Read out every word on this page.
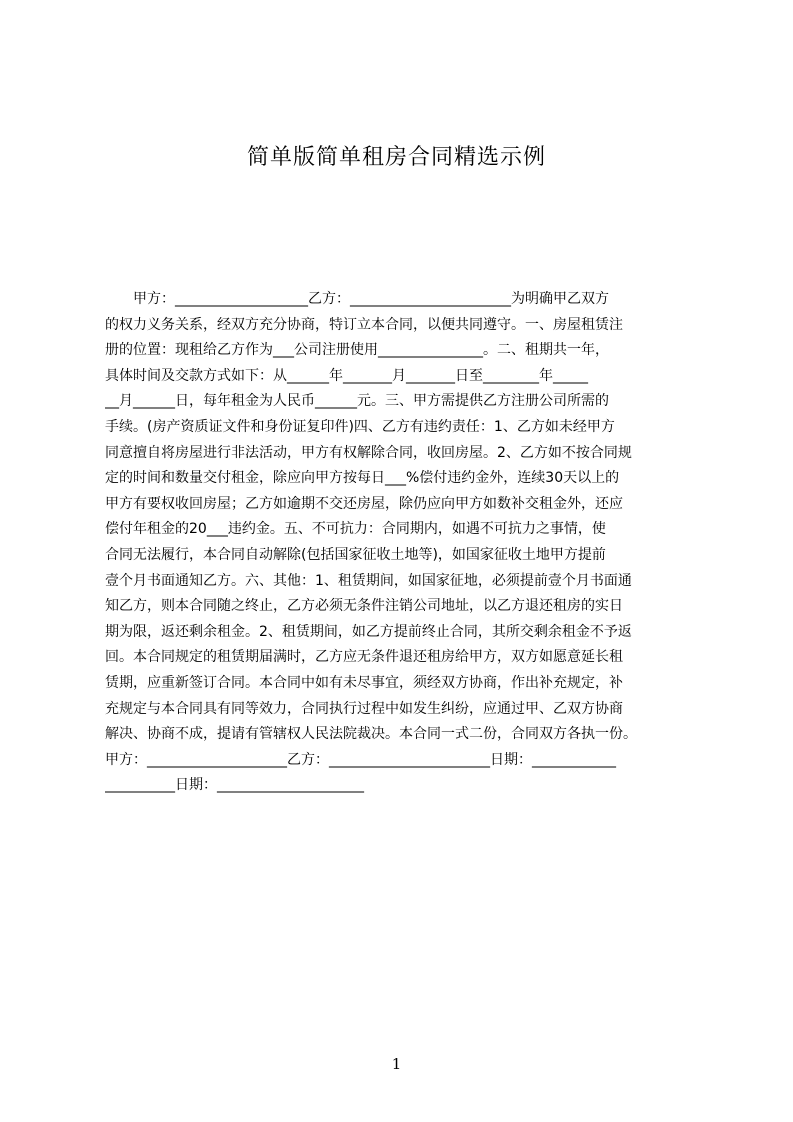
简单版简单租房合同精选示例
　　甲方：___________________乙方：_______________________为明确甲乙双方
的权力义务关系，经双方充分协商，特订立本合同，以便共同遵守。一、房屋租赁注
册的位置：现租给乙方作为___公司注册使用_______________。二、租期共一年，
具体时间及交款方式如下：从______年_______月_______日至________年_____
__月______日，每年租金为人民币______元。三、甲方需提供乙方注册公司所需的
手续。(房产资质证文件和身份证复印件)四、乙方有违约责任：1、乙方如未经甲方
同意擅自将房屋进行非法活动，甲方有权解除合同，收回房屋。2、乙方如不按合同规
定的时间和数量交付租金，除应向甲方按每日___%偿付违约金外，连续30天以上的
甲方有要权收回房屋；乙方如逾期不交还房屋，除仍应向甲方如数补交租金外，还应
偿付年租金的20___违约金。五、不可抗力：合同期内，如遇不可抗力之事情，使
合同无法履行，本合同自动解除(包括国家征收土地等)，如国家征收土地甲方提前
壹个月书面通知乙方。六、其他：1、租赁期间，如国家征地，必须提前壹个月书面通
知乙方，则本合同随之终止，乙方必须无条件注销公司地址，以乙方退还租房的实日
期为限，返还剩余租金。2、租赁期间，如乙方提前终止合同，其所交剩余租金不予返
回。本合同规定的租赁期届满时，乙方应无条件退还租房给甲方，双方如愿意延长租
赁期，应重新签订合同。本合同中如有未尽事宜，须经双方协商，作出补充规定，补
充规定与本合同具有同等效力，合同执行过程中如发生纠纷，应通过甲、乙双方协商
解决、协商不成，提请有管辖权人民法院裁决。本合同一式二份，合同双方各执一份。
甲方：____________________乙方：_______________________日期：____________
__________日期：_____________________
1
